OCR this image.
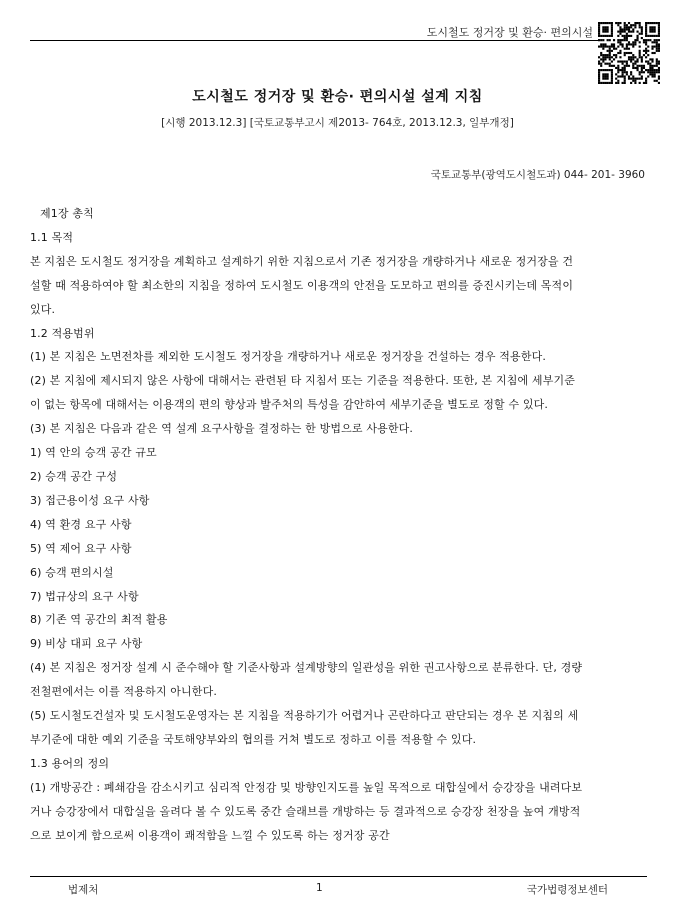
도시철도 정거장 및 환승· 편의시설
도시철도 정거장 및 환승· 편의시설 설계 지침
[시행 2013.12.3] [국토교통부고시 제2013- 764호, 2013.12.3, 일부개정]
국토교통부(광역도시철도과) 044- 201- 3960
제1장 총칙
1.1 목적
본 지침은 도시철도 정거장을 계획하고 설계하기 위한 지침으로서 기존 정거장을 개량하거나 새로운 정거장을 건
설할 때 적용하여야 할 최소한의 지침을 정하여 도시철도 이용객의 안전을 도모하고 편의를 증진시키는데 목적이
있다.
1.2 적용범위
(1) 본 지침은 노면전차를 제외한 도시철도 정거장을 개량하거나 새로운 정거장을 건설하는 경우 적용한다.
(2) 본 지침에 제시되지 않은 사항에 대해서는 관련된 타 지침서 또는 기준을 적용한다. 또한, 본 지침에 세부기준
이 없는 항목에 대해서는 이용객의 편의 향상과 발주처의 특성을 감안하여 세부기준을 별도로 정할 수 있다.
(3) 본 지침은 다음과 같은 역 설계 요구사항을 결정하는 한 방법으로 사용한다.
1) 역 안의 승객 공간 규모
2) 승객 공간 구성
3) 접근용이성 요구 사항
4) 역 환경 요구 사항
5) 역 제어 요구 사항
6) 승객 편의시설
7) 법규상의 요구 사항
8) 기존 역 공간의 최적 활용
9) 비상 대피 요구 사항
(4) 본 지침은 정거장 설계 시 준수해야 할 기준사항과 설계방향의 일관성을 위한 권고사항으로 분류한다. 단, 경량
전철편에서는 이를 적용하지 아니한다.
(5) 도시철도건설자 및 도시철도운영자는 본 지침을 적용하기가 어렵거나 곤란하다고 판단되는 경우 본 지침의 세
부기준에 대한 예외 기준을 국토해양부와의 협의를 거쳐 별도로 정하고 이를 적용할 수 있다.
1.3 용어의 정의
(1) 개방공간 : 폐쇄감을 감소시키고 심리적 안정감 및 방향인지도를 높일 목적으로 대합실에서 승강장을 내려다보
거나 승강장에서 대합실을 올려다 볼 수 있도록 중간 슬래브를 개방하는 등 결과적으로 승강장 천장을 높여 개방적
으로 보이게 함으로써 이용객이 쾌적함을 느낄 수 있도록 하는 정거장 공간
법제처	1	국가법령정보센터
